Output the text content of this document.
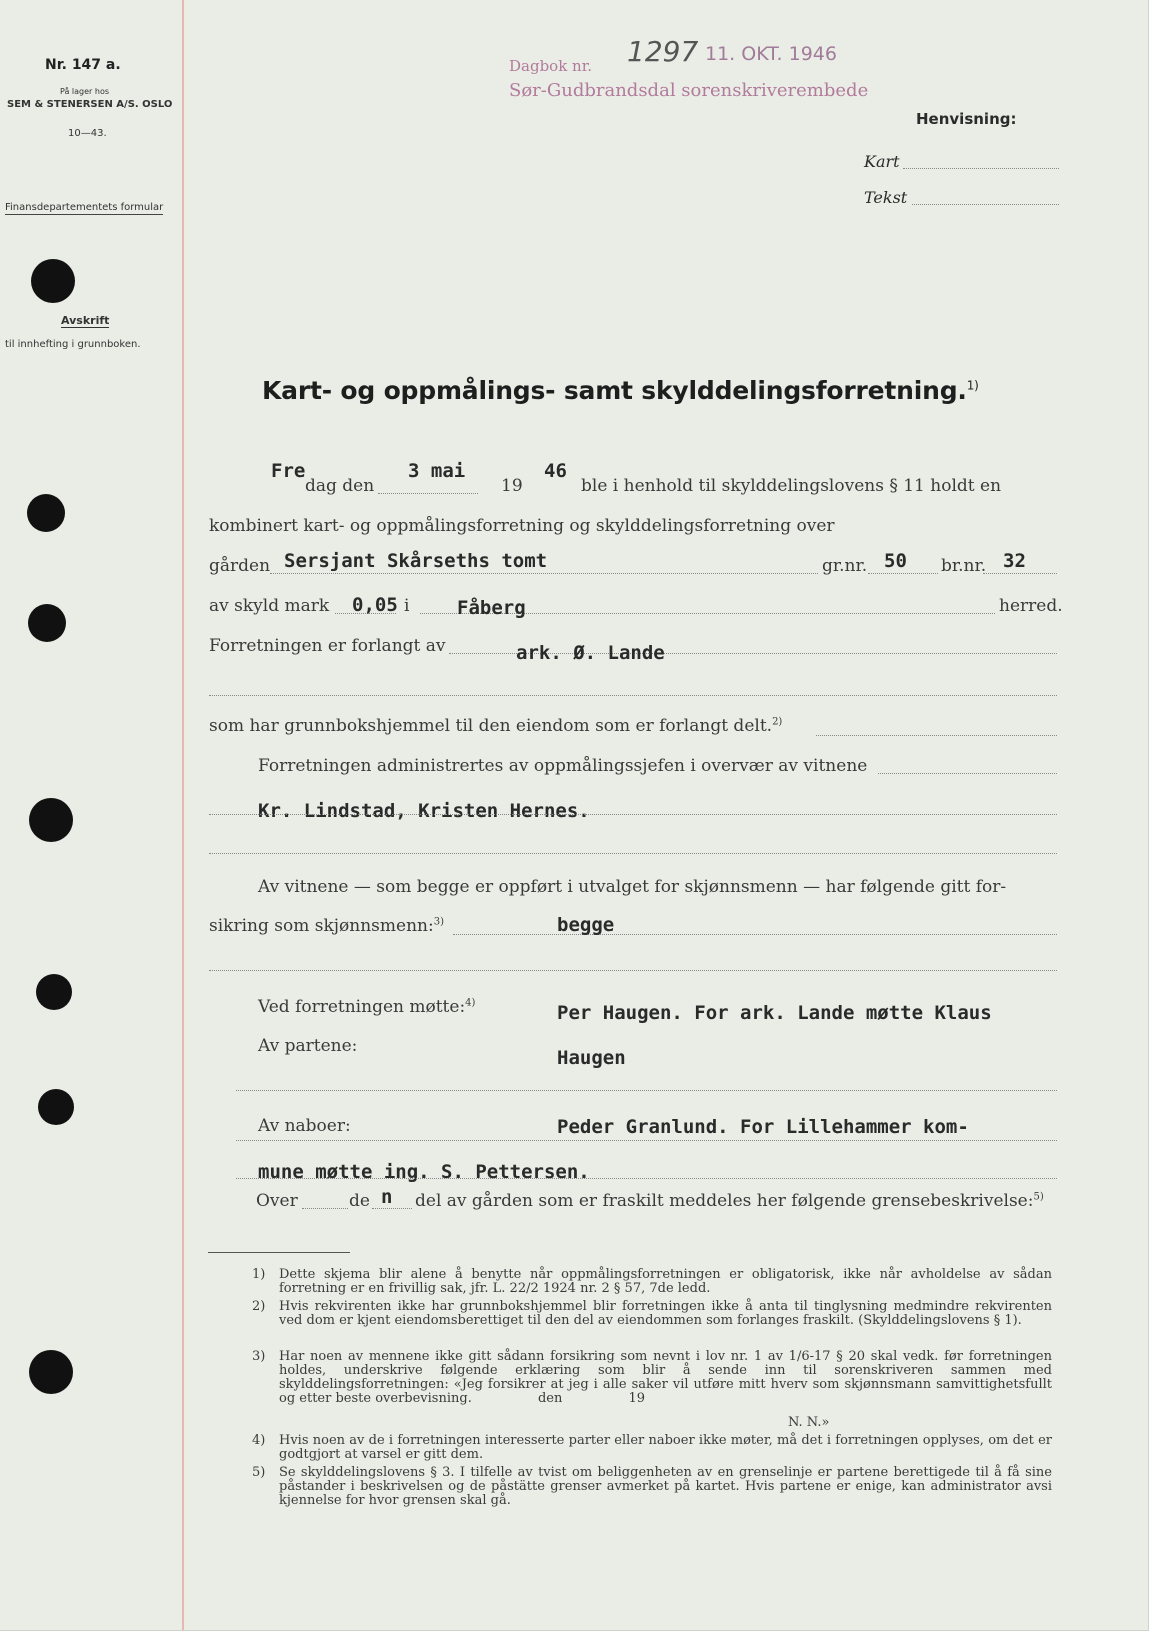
Nr. 147 a.
På lager hos
SEM & STENERSEN A/S. OSLO
10—43.
Finansdepartementets formular
Avskrift
til innhefting i grunnboken.
Dagbok nr. 1297 11. OKT. 1946
Sør-Gudbrandsdal sorenskriverembede
Henvisning:
Kart
Tekst
Kart- og oppmålings- samt skylddelingsforretning.$^{1)}$
Fre
dag den
3 mai
19
46
ble i henhold til skylddelingslovens § 11 holdt en
kombinert kart- og oppmålingsforretning og skylddelingsforretning over
gården Sersjant Skårseths tomt	gr.nr. 50 br.nr. 32
av skyld mark 0,05 i	Fåberg	herred.
Forretningen er forlangt av	ark. Ø. Lande
som har grunnbokshjemmel til den eiendom som er forlangt delt.$^{2)}$
Forretningen administrertes av oppmålingssjefen i overvær av vitnene
Kr. Lindstad, Kristen Hernes.
Av vitnene — som begge er oppført i utvalget for skjønnsmenn — har følgende gitt for-
sikring som skjønnsmenn:$^{3)}$	begge
Ved forretningen møtte:$^{4)}$
Av partene:
Per Haugen. For ark. Lande møtte Klaus
Haugen
Av naboer:	Peder Granlund. For Lillehammer kom-
mune møtte ing. S. Pettersen.
Over	de n del av gården som er fraskilt meddeles her følgende grensebeskrivelse:$^{5)}$
1) Dette skjema blir alene å benytte når oppmålingsforretningen er obligatorisk, ikke når avholdelse av sådan forretning er en frivillig sak, jfr. L. 22/2 1924 nr. 2 § 57, 7de ledd.
2) Hvis rekvirenten ikke har grunnbokshjemmel blir forretningen ikke å anta til tinglysning medmindre rekvirenten ved dom er kjent eiendomsberettiget til den del av eiendommen som forlanges fraskilt. (Skylddelingslovens § 1).
3) Har noen av mennene ikke gitt sådann forsikring som nevnt i lov nr. 1 av 1/6-17 § 20 skal vedk. før forretningen holdes, underskrive følgende erklæring som blir å sende inn til sorenskriveren sammen med skylddelingsforretningen: «Jeg forsikrer at jeg i alle saker vil utføre mitt hverv som skjønnsmann samvittighetsfullt og etter beste overbevisning.                den                19
N. N.»
4) Hvis noen av de i forretningen interesserte parter eller naboer ikke møter, må det i forretningen opplyses, om det er godtgjort at varsel er gitt dem.
5) Se skylddelingslovens § 3. I tilfelle av tvist om beliggenheten av en grenselinje er partene berettigede til å få sine påstander i beskrivelsen og de påstätte grenser avmerket på kartet. Hvis partene er enige, kan administrator avsi kjennelse for hvor grensen skal gå.
